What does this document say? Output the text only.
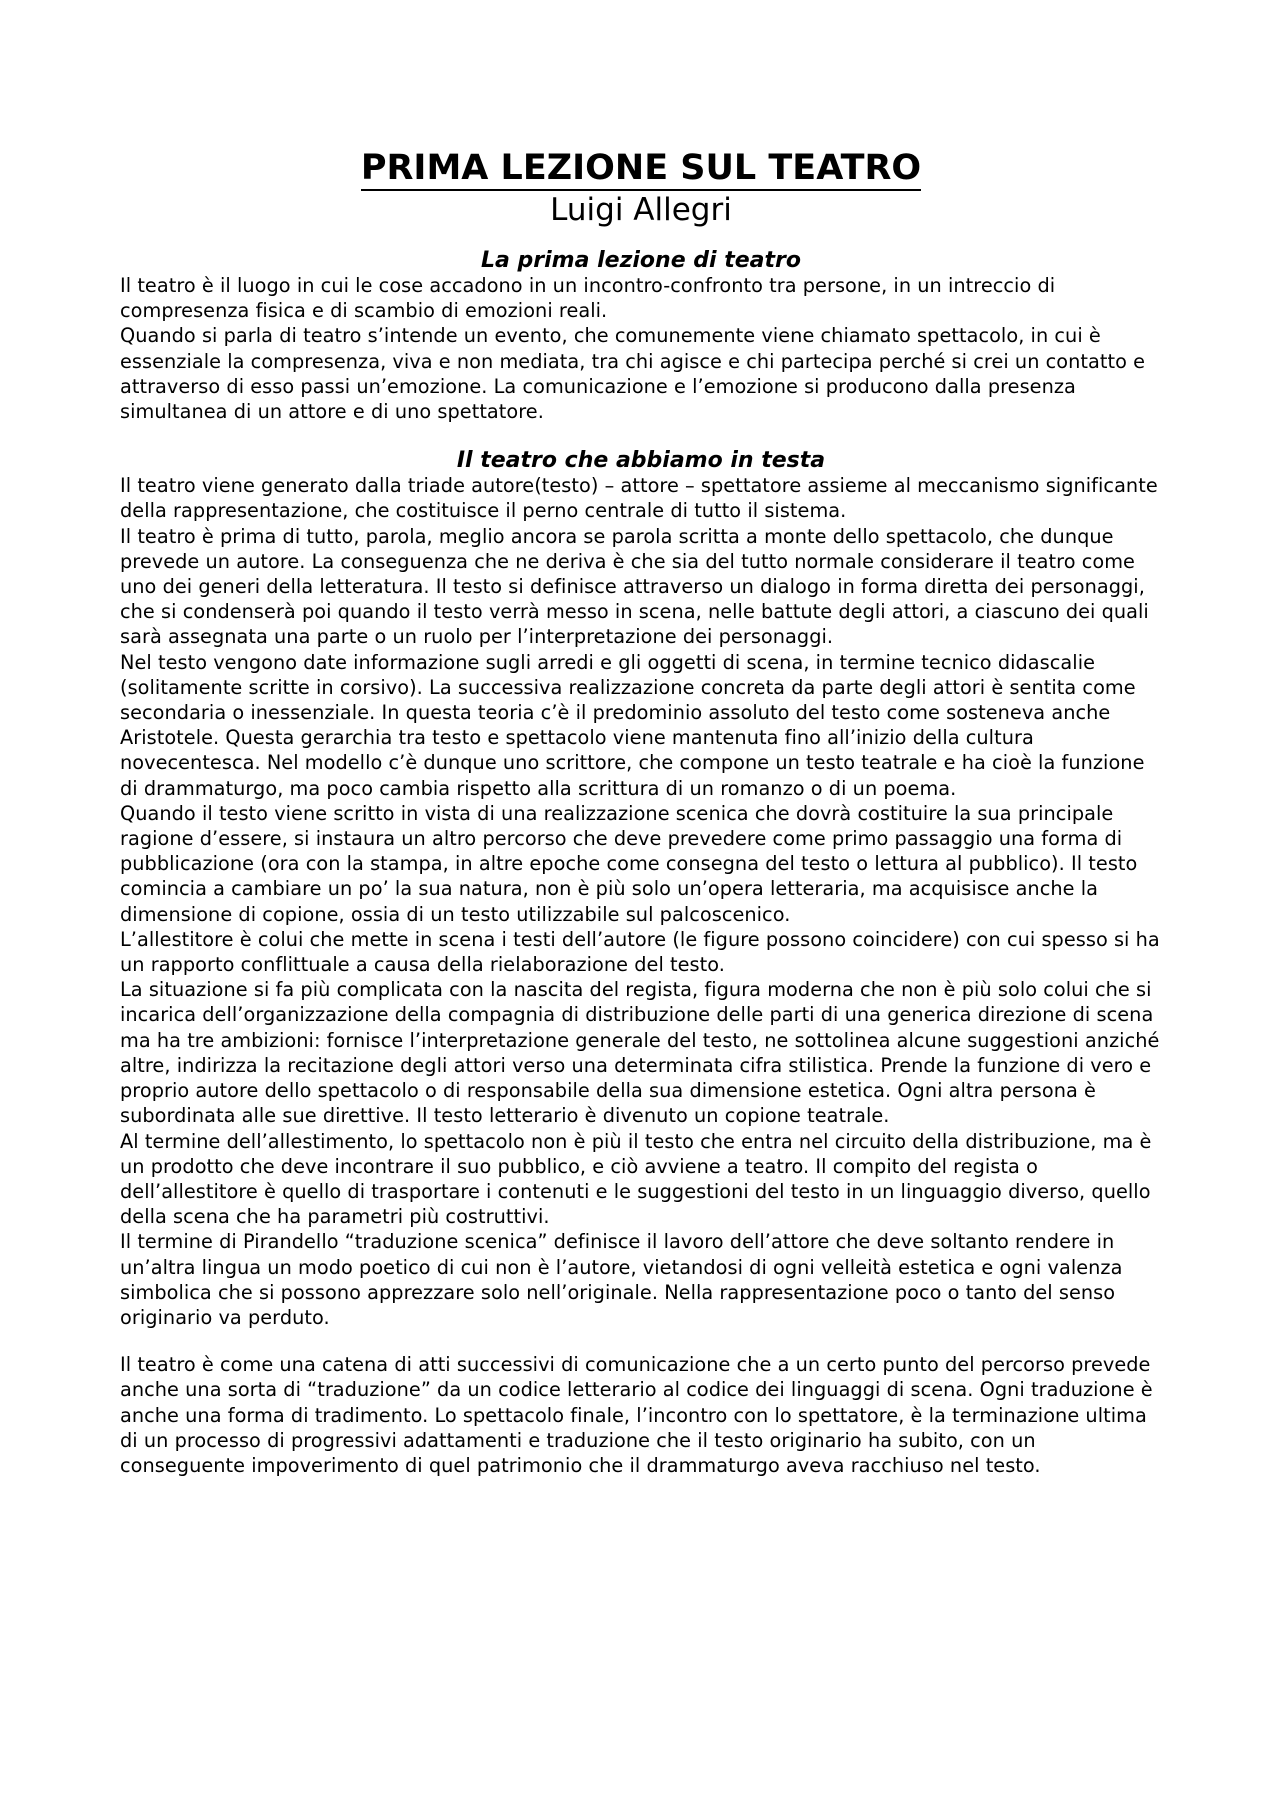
PRIMA LEZIONE SUL TEATRO
Luigi Allegri
La prima lezione di teatro

Il teatro è il luogo in cui le cose accadono in un incontro-confronto tra persone, in un intreccio di compresenza fisica e di scambio di emozioni reali.

Quando si parla di teatro s’intende un evento, che comunemente viene chiamato spettacolo, in cui è essenziale la compresenza, viva e non mediata, tra chi agisce e chi partecipa perché si crei un contatto e attraverso di esso passi un’emozione. La comunicazione e l’emozione si producono dalla presenza simultanea di un attore e di uno spettatore.

Il teatro che abbiamo in testa

Il teatro viene generato dalla triade autore(testo) – attore – spettatore assieme al meccanismo significante della rappresentazione, che costituisce il perno centrale di tutto il sistema.

Il teatro è prima di tutto, parola, meglio ancora se parola scritta a monte dello spettacolo, che dunque prevede un autore. La conseguenza che ne deriva è che sia del tutto normale considerare il teatro come uno dei generi della letteratura. Il testo si definisce attraverso un dialogo in forma diretta dei personaggi, che si condenserà poi quando il testo verrà messo in scena, nelle battute degli attori, a ciascuno dei quali sarà assegnata una parte o un ruolo per l’interpretazione dei personaggi.

Nel testo vengono date informazione sugli arredi e gli oggetti di scena, in termine tecnico didascalie (solitamente scritte in corsivo). La successiva realizzazione concreta da parte degli attori è sentita come secondaria o inessenziale. In questa teoria c’è il predominio assoluto del testo come sosteneva anche Aristotele. Questa gerarchia tra testo e spettacolo viene mantenuta fino all’inizio della cultura novecentesca. Nel modello c’è dunque uno scrittore, che compone un testo teatrale e ha cioè la funzione di drammaturgo, ma poco cambia rispetto alla scrittura di un romanzo o di un poema.

Quando il testo viene scritto in vista di una realizzazione scenica che dovrà costituire la sua principale ragione d’essere, si instaura un altro percorso che deve prevedere come primo passaggio una forma di pubblicazione (ora con la stampa, in altre epoche come consegna del testo o lettura al pubblico). Il testo comincia a cambiare un po’ la sua natura, non è più solo un’opera letteraria, ma acquisisce anche la dimensione di copione, ossia di un testo utilizzabile sul palcoscenico.

L’allestitore è colui che mette in scena i testi dell’autore (le figure possono coincidere) con cui spesso si ha un rapporto conflittuale a causa della rielaborazione del testo.

La situazione si fa più complicata con la nascita del regista, figura moderna che non è più solo colui che si incarica dell’organizzazione della compagnia di distribuzione delle parti di una generica direzione di scena ma ha tre ambizioni: fornisce l’interpretazione generale del testo, ne sottolinea alcune suggestioni anziché altre, indirizza la recitazione degli attori verso una determinata cifra stilistica. Prende la funzione di vero e proprio autore dello spettacolo o di responsabile della sua dimensione estetica. Ogni altra persona è subordinata alle sue direttive. Il testo letterario è divenuto un copione teatrale.

Al termine dell’allestimento, lo spettacolo non è più il testo che entra nel circuito della distribuzione, ma è un prodotto che deve incontrare il suo pubblico, e ciò avviene a teatro. Il compito del regista o dell’allestitore è quello di trasportare i contenuti e le suggestioni del testo in un linguaggio diverso, quello della scena che ha parametri più costruttivi.

Il termine di Pirandello “traduzione scenica” definisce il lavoro dell’attore che deve soltanto rendere in un’altra lingua un modo poetico di cui non è l’autore, vietandosi di ogni velleità estetica e ogni valenza simbolica che si possono apprezzare solo nell’originale. Nella rappresentazione poco o tanto del senso originario va perduto.

Il teatro è come una catena di atti successivi di comunicazione che a un certo punto del percorso prevede anche una sorta di “traduzione” da un codice letterario al codice dei linguaggi di scena. Ogni traduzione è anche una forma di tradimento. Lo spettacolo finale, l’incontro con lo spettatore, è la terminazione ultima di un processo di progressivi adattamenti e traduzione che il testo originario ha subito, con un conseguente impoverimento di quel patrimonio che il drammaturgo aveva racchiuso nel testo.
